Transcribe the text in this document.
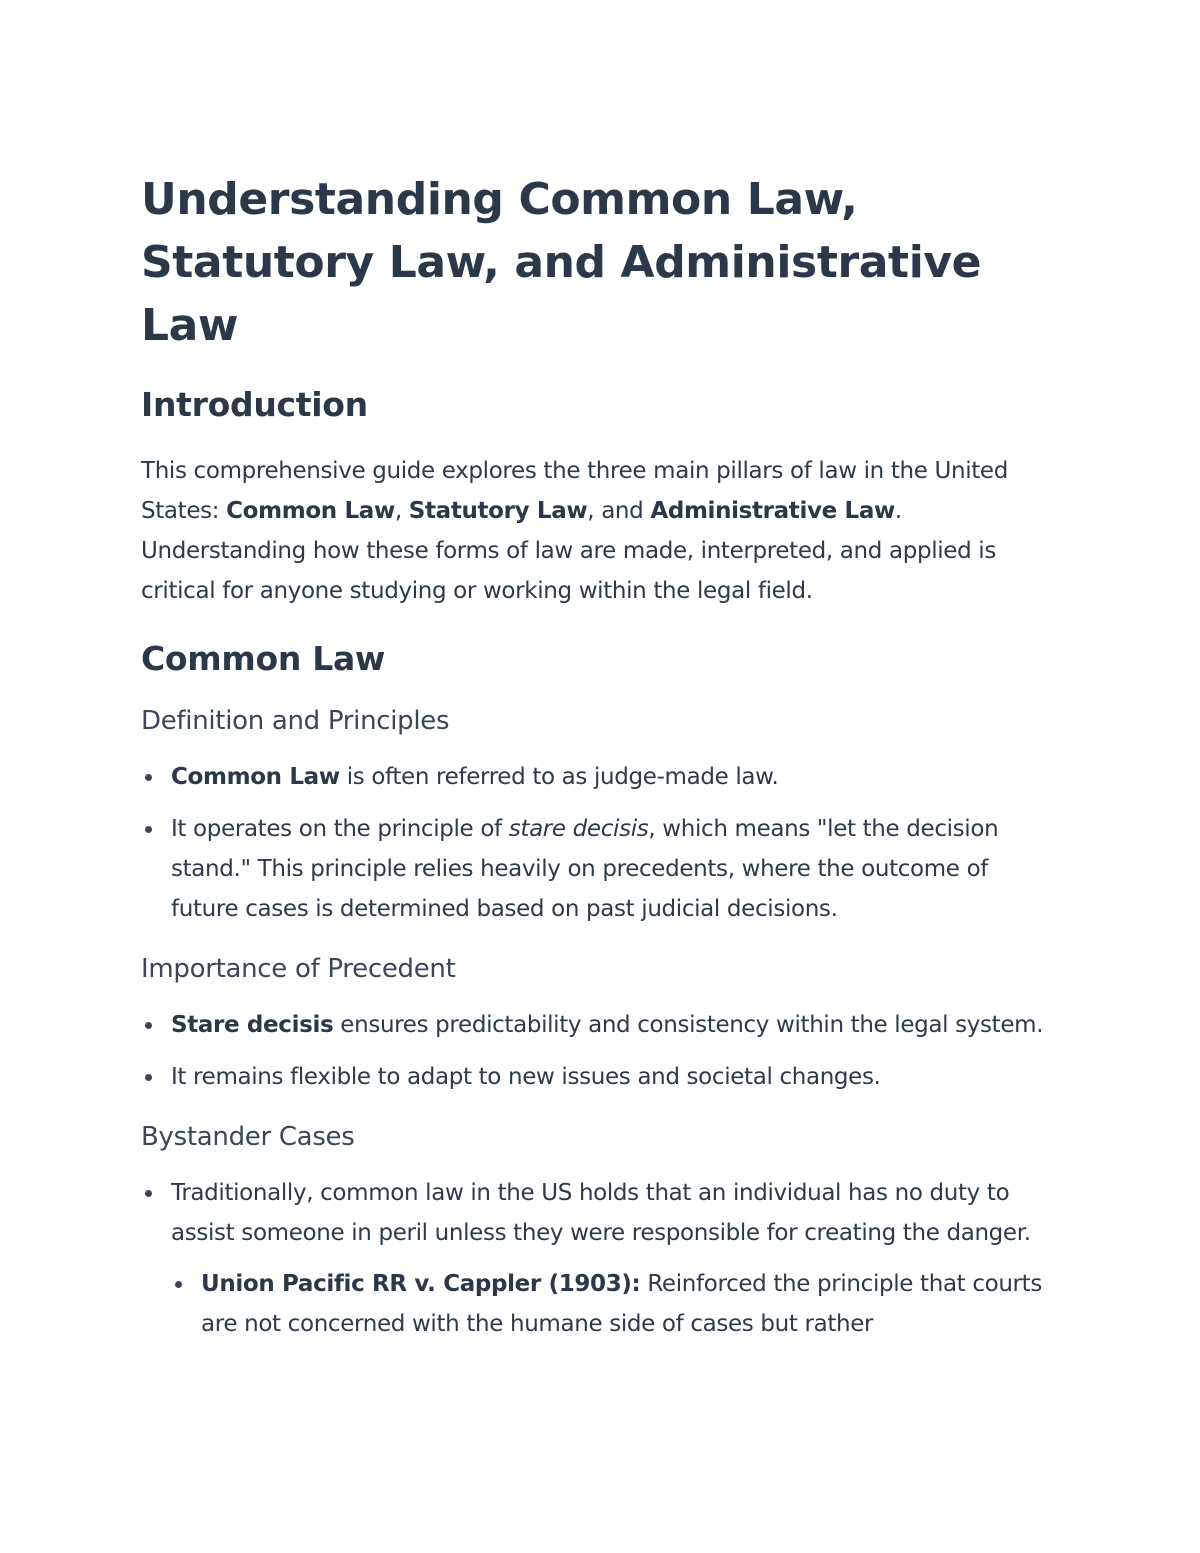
Understanding Common Law, Statutory Law, and Administrative Law
Introduction

This comprehensive guide explores the three main pillars of law in the United States: Common Law, Statutory Law, and Administrative Law. Understanding how these forms of law are made, interpreted, and applied is critical for anyone studying or working within the legal field.

Common Law
Definition and Principles
Common Law is often referred to as judge-made law.
It operates on the principle of stare decisis, which means "let the decision stand." This principle relies heavily on precedents, where the outcome of future cases is determined based on past judicial decisions.
Importance of Precedent
Stare decisis ensures predictability and consistency within the legal system.
It remains flexible to adapt to new issues and societal changes.
Bystander Cases
Traditionally, common law in the US holds that an individual has no duty to assist someone in peril unless they were responsible for creating the danger.
Union Pacific RR v. Cappler (1903): Reinforced the principle that courts are not concerned with the humane side of cases but rather
